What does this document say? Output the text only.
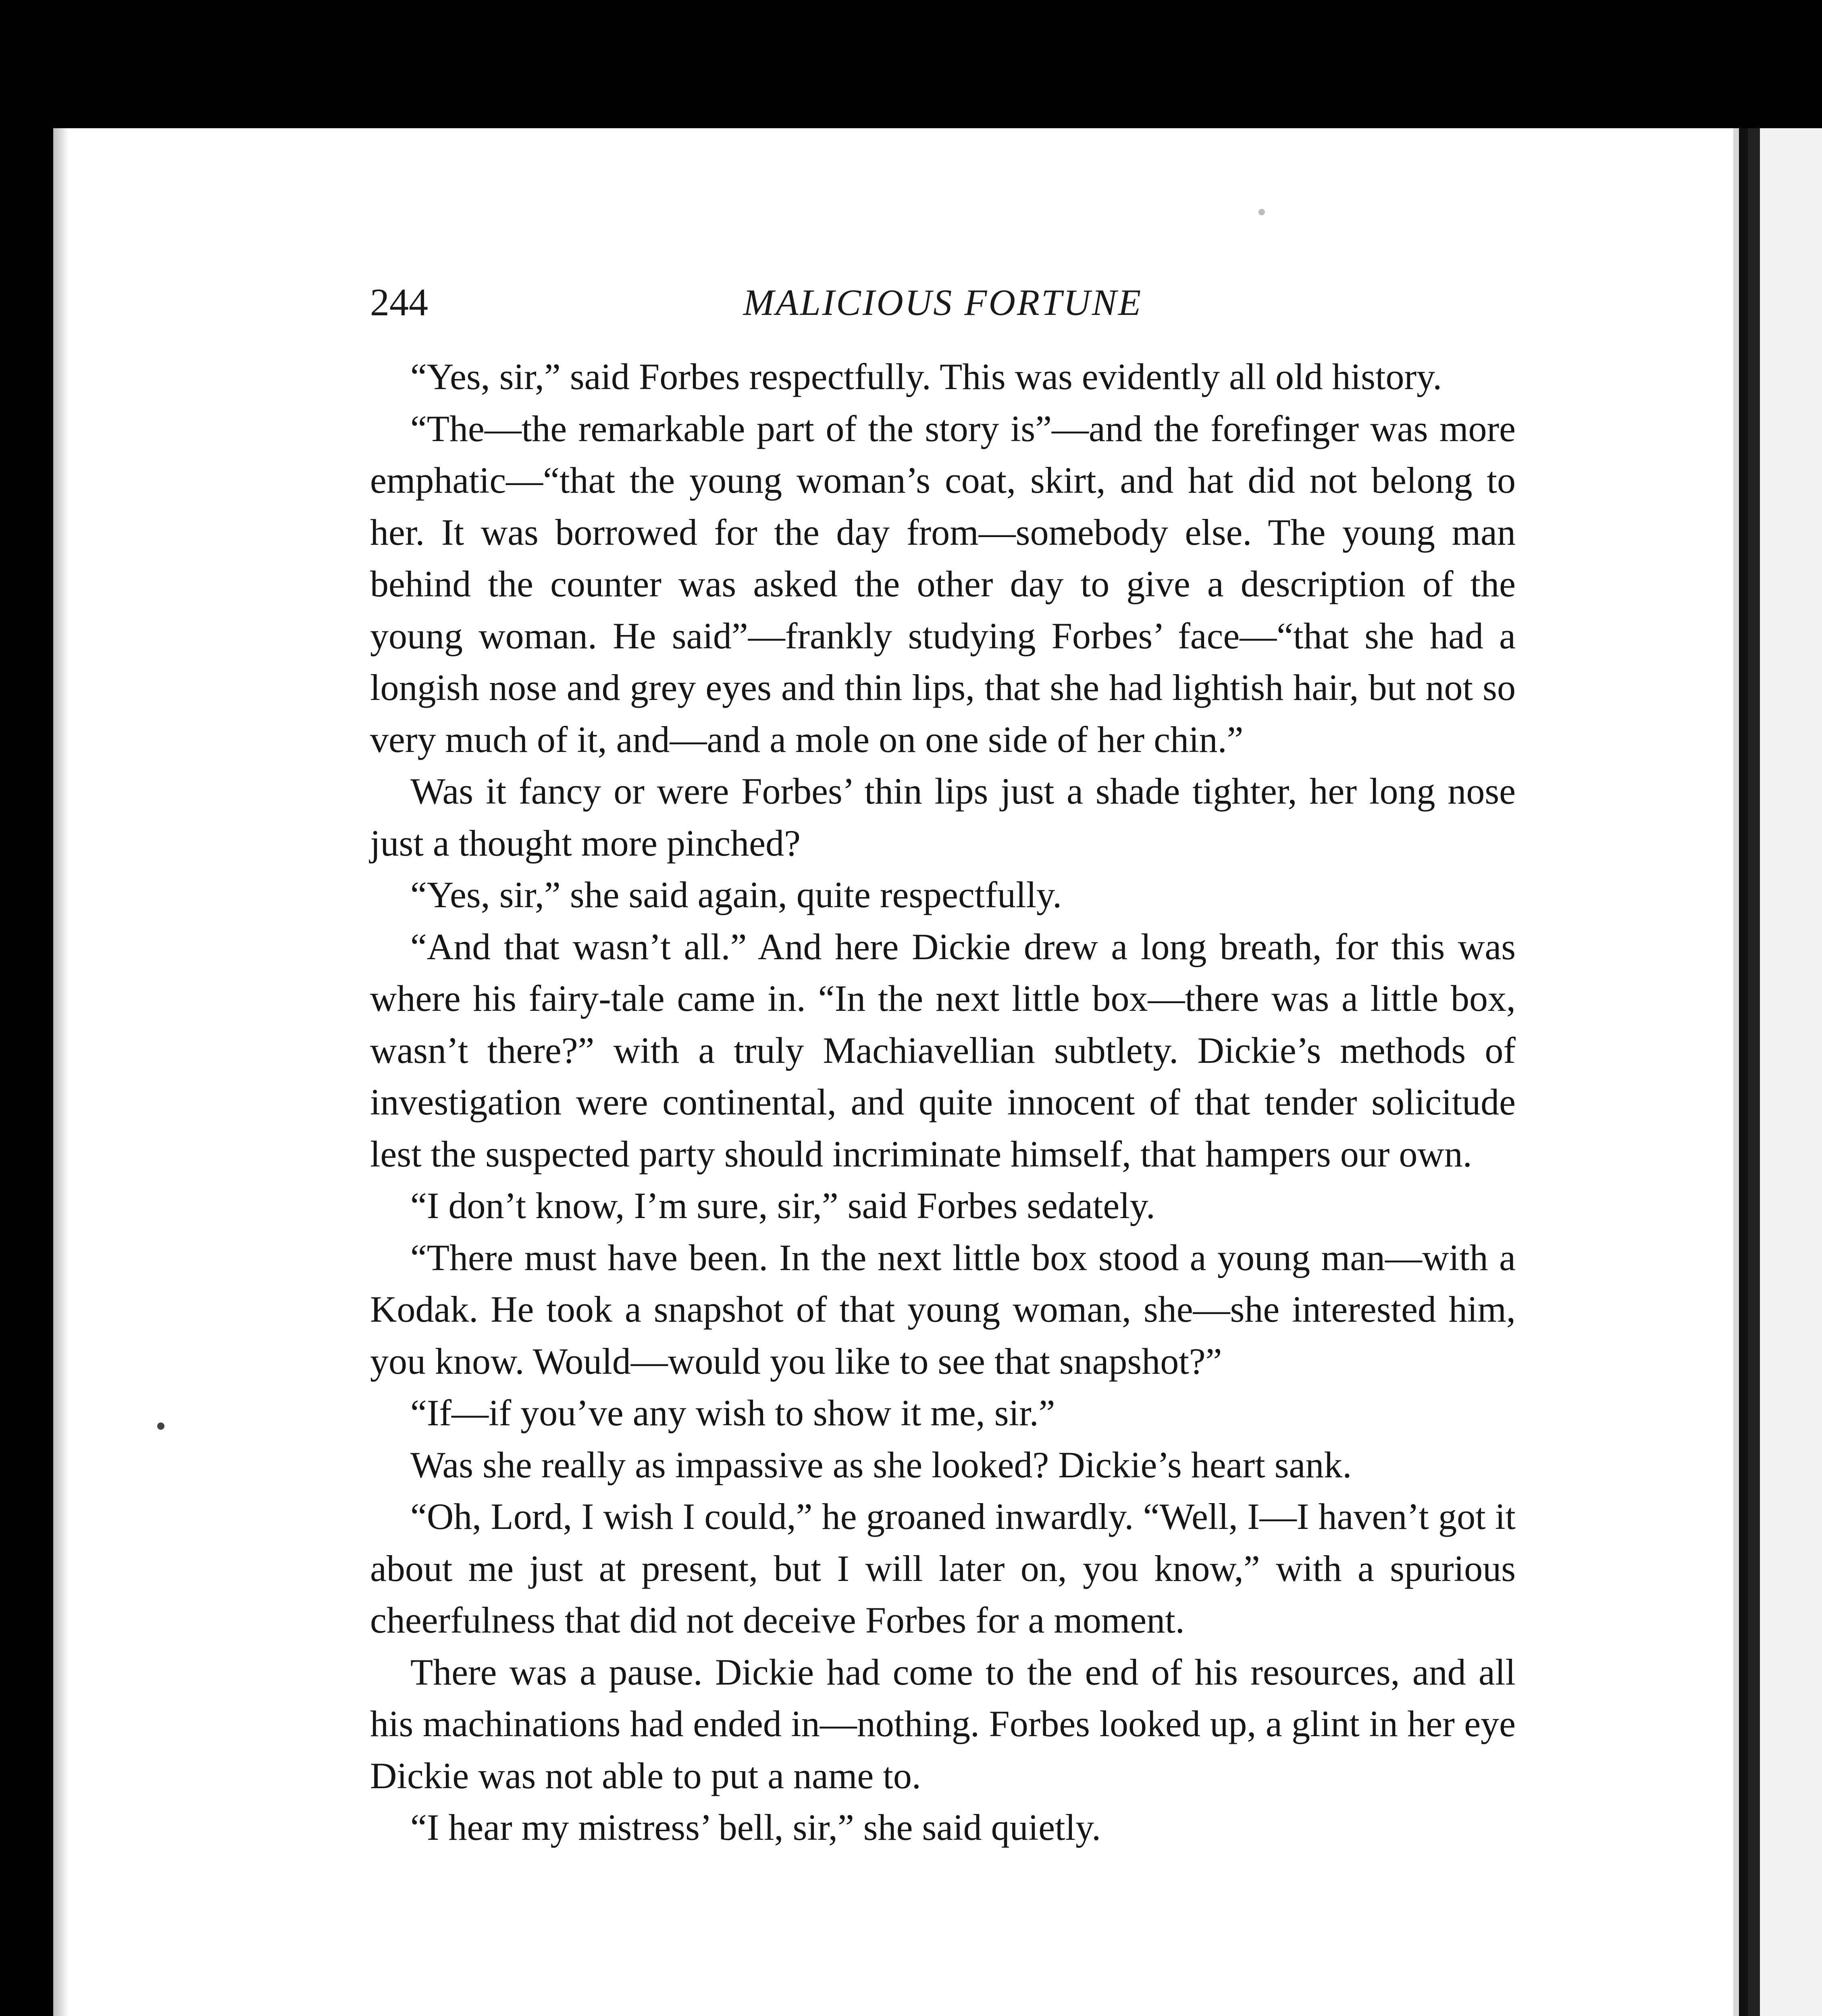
244	MALICIOUS FORTUNE

“Yes, sir,” said Forbes respectfully. This was evidently all old history.

“The—the remarkable part of the story is”—and the forefinger was more emphatic—“that the young woman’s coat, skirt, and hat did not belong to her. It was borrowed for the day from—somebody else. The young man behind the counter was asked the other day to give a description of the young woman. He said”—frankly studying Forbes’ face—“that she had a longish nose and grey eyes and thin lips, that she had lightish hair, but not so very much of it, and—and a mole on one side of her chin.”

Was it fancy or were Forbes’ thin lips just a shade tighter, her long nose just a thought more pinched?

“Yes, sir,” she said again, quite respectfully.

“And that wasn’t all.” And here Dickie drew a long breath, for this was where his fairy-tale came in. “In the next little box—there was a little box, wasn’t there?” with a truly Machiavellian subtlety. Dickie’s methods of investigation were continental, and quite innocent of that tender solicitude lest the suspected party should incriminate himself, that hampers our own.

“I don’t know, I’m sure, sir,” said Forbes sedately.

“There must have been. In the next little box stood a young man—with a Kodak. He took a snapshot of that young woman, she—she interested him, you know. Would—would you like to see that snapshot?”

“If—if you’ve any wish to show it me, sir.”

Was she really as impassive as she looked? Dickie’s heart sank.

“Oh, Lord, I wish I could,” he groaned inwardly. “Well, I—I haven’t got it about me just at present, but I will later on, you know,” with a spurious cheerfulness that did not deceive Forbes for a moment.

There was a pause. Dickie had come to the end of his resources, and all his machinations had ended in—nothing. Forbes looked up, a glint in her eye Dickie was not able to put a name to.

“I hear my mistress’ bell, sir,” she said quietly.
